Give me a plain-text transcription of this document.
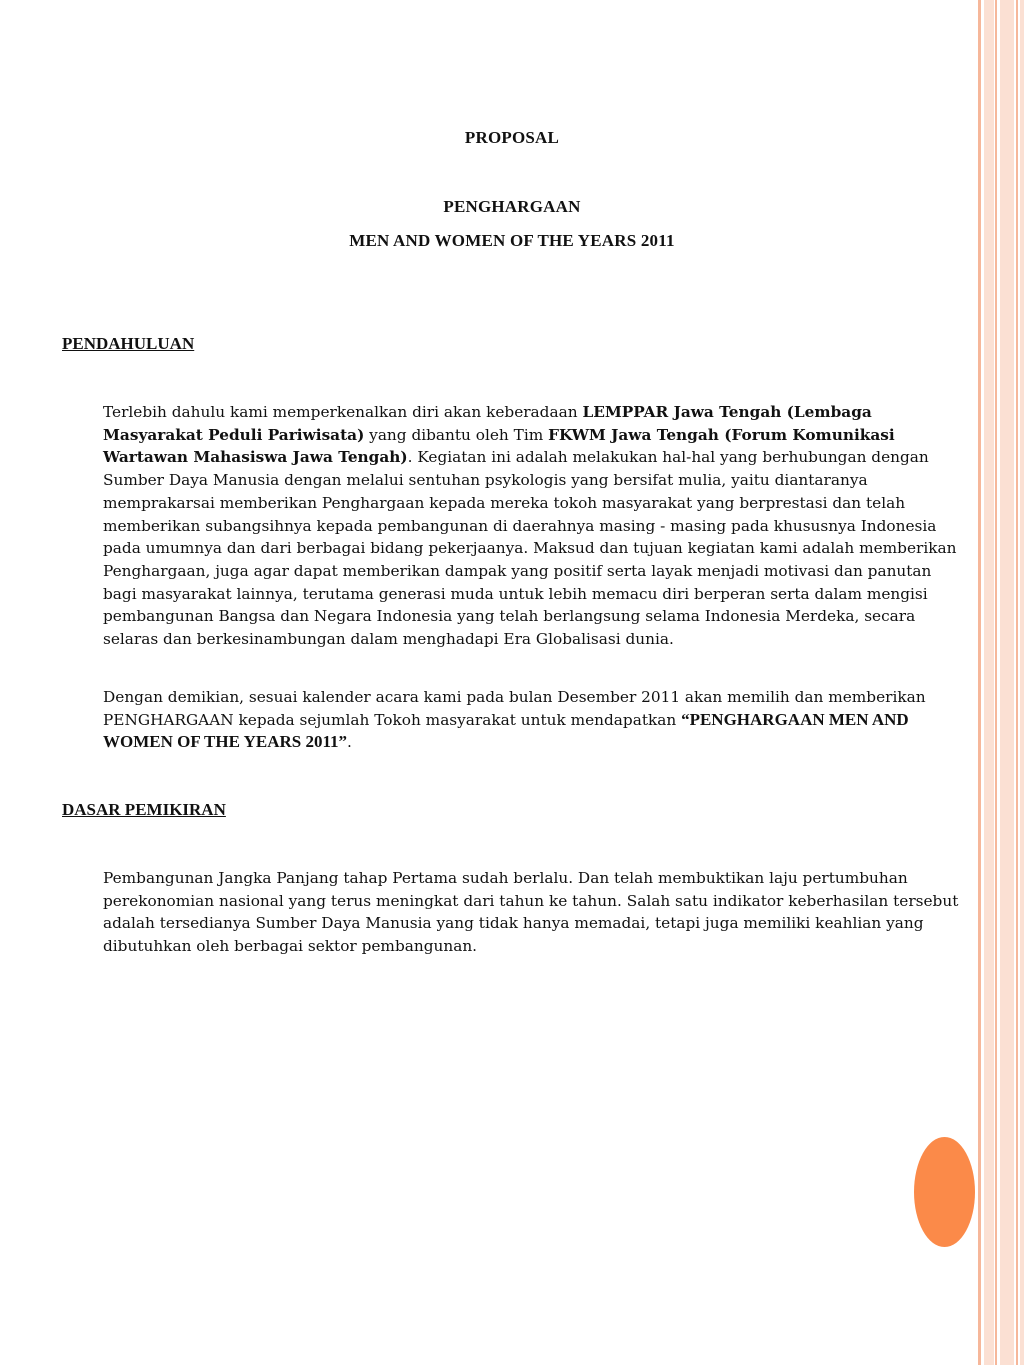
PROPOSAL
PENGHARGAAN
MEN AND WOMEN OF THE YEARS 2011
PENDAHULUAN

Terlebih dahulu kami memperkenalkan diri akan keberadaan LEMPPAR Jawa Tengah (Lembaga Masyarakat Peduli Pariwisata) yang dibantu oleh Tim FKWM Jawa Tengah (Forum Komunikasi Wartawan Mahasiswa Jawa Tengah). Kegiatan ini adalah melakukan hal-hal yang berhubungan dengan Sumber Daya Manusia dengan melalui sentuhan psykologis yang bersifat mulia, yaitu diantaranya memprakarsai memberikan Penghargaan kepada mereka tokoh masyarakat yang berprestasi dan telah memberikan subangsihnya kepada pembangunan di daerahnya masing - masing pada khususnya Indonesia pada umumnya dan dari berbagai bidang pekerjaanya. Maksud dan tujuan kegiatan kami adalah memberikan Penghargaan, juga agar dapat memberikan dampak yang positif serta layak menjadi motivasi dan panutan bagi masyarakat lainnya, terutama generasi muda untuk lebih memacu diri berperan serta dalam mengisi pembangunan Bangsa dan Negara Indonesia yang telah berlangsung selama Indonesia Merdeka, secara selaras dan berkesinambungan dalam menghadapi Era Globalisasi dunia.

Dengan demikian, sesuai kalender acara kami pada bulan Desember 2011 akan memilih dan memberikan PENGHARGAAN kepada sejumlah Tokoh masyarakat untuk mendapatkan “PENGHARGAAN MEN AND WOMEN OF THE YEARS 2011”.

DASAR PEMIKIRAN

Pembangunan Jangka Panjang tahap Pertama sudah berlalu. Dan telah membuktikan laju pertumbuhan perekonomian nasional yang terus meningkat dari tahun ke tahun. Salah satu indikator keberhasilan tersebut adalah tersedianya Sumber Daya Manusia yang tidak hanya memadai, tetapi juga memiliki keahlian yang dibutuhkan oleh berbagai sektor pembangunan.
